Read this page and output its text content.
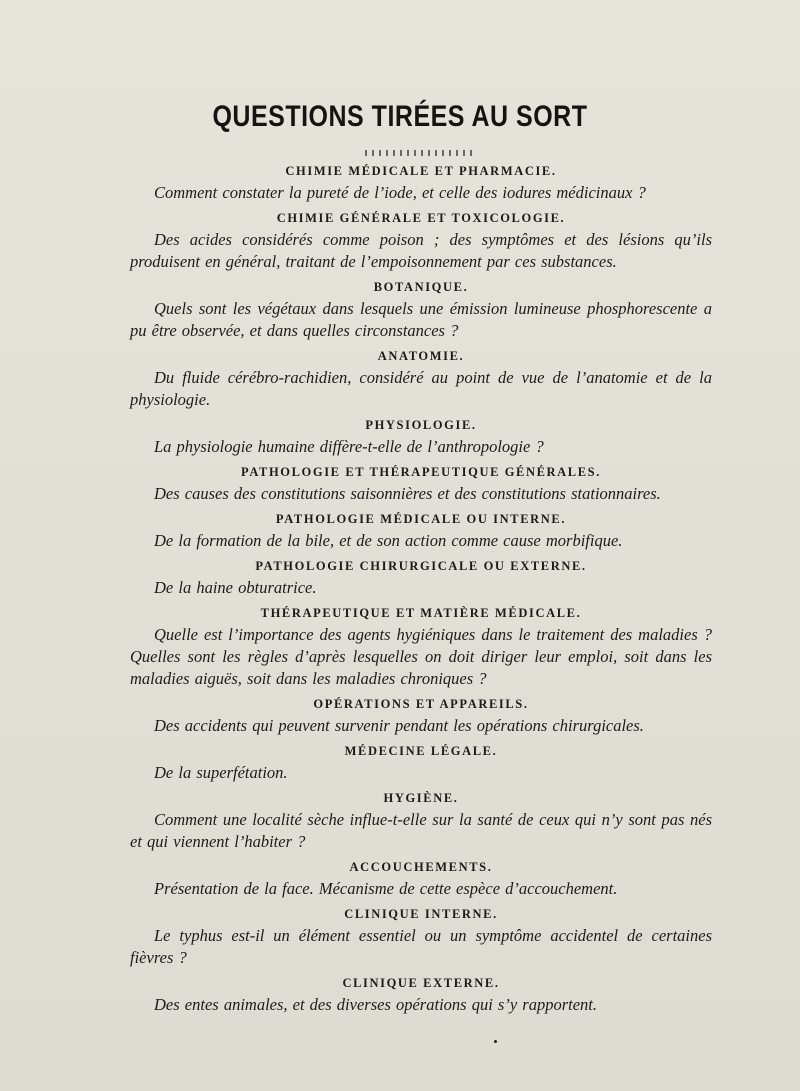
QUESTIONS TIRÉES AU SORT
CHIMIE MÉDICALE ET PHARMACIE.

Comment constater la pureté de l’iode, et celle des iodures médicinaux ?

CHIMIE GÉNÉRALE ET TOXICOLOGIE.

Des acides considérés comme poison ; des symptômes et des lésions qu’ils produisent en général, traitant de l’empoisonnement par ces substances.

BOTANIQUE.

Quels sont les végétaux dans lesquels une émission lumineuse phosphorescente a pu être observée, et dans quelles circonstances ?

ANATOMIE.

Du fluide cérébro-rachidien, considéré au point de vue de l’anatomie et de la physiologie.

PHYSIOLOGIE.

La physiologie humaine diffère-t-elle de l’anthropologie ?

PATHOLOGIE ET THÉRAPEUTIQUE GÉNÉRALES.

Des causes des constitutions saisonnières et des constitutions stationnaires.

PATHOLOGIE MÉDICALE OU INTERNE.

De la formation de la bile, et de son action comme cause morbifique.

PATHOLOGIE CHIRURGICALE OU EXTERNE.

De la haine obturatrice.

THÉRAPEUTIQUE ET MATIÈRE MÉDICALE.

Quelle est l’importance des agents hygiéniques dans le traitement des maladies ? Quelles sont les règles d’après lesquelles on doit diriger leur emploi, soit dans les maladies aiguës, soit dans les maladies chroniques ?

OPÉRATIONS ET APPAREILS.

Des accidents qui peuvent survenir pendant les opérations chirurgicales.

MÉDECINE LÉGALE.

De la superfétation.

HYGIÈNE.

Comment une localité sèche influe-t-elle sur la santé de ceux qui n’y sont pas nés et qui viennent l’habiter ?

ACCOUCHEMENTS.

Présentation de la face. Mécanisme de cette espèce d’accouchement.

CLINIQUE INTERNE.

Le typhus est-il un élément essentiel ou un symptôme accidentel de certaines fièvres ?

CLINIQUE EXTERNE.

Des entes animales, et des diverses opérations qui s’y rapportent.
